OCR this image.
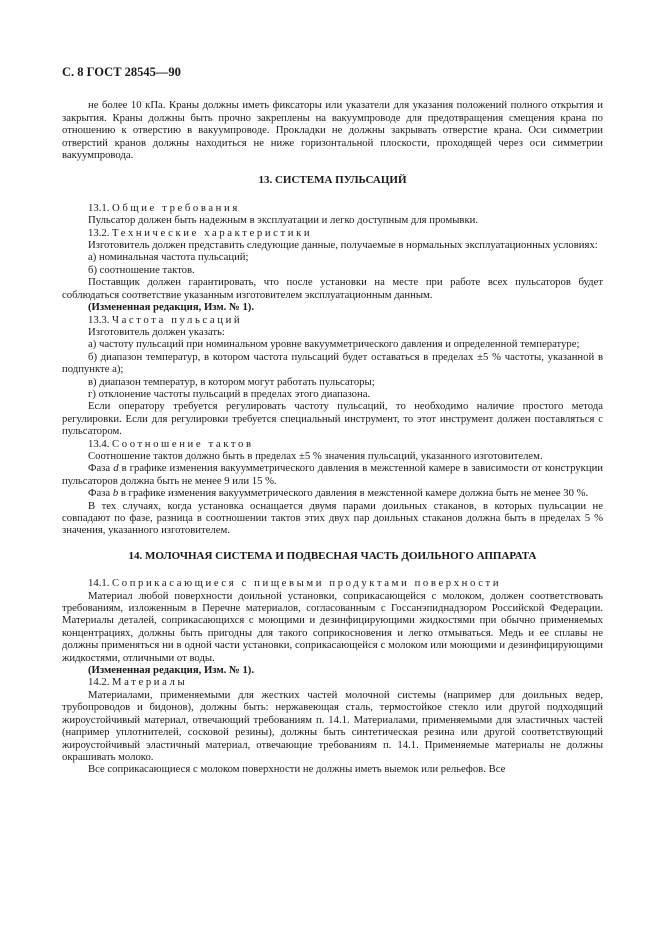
С. 8 ГОСТ 28545—90

не более 10 кПа. Краны должны иметь фиксаторы или указатели для указания положений полного открытия и закрытия. Краны должны быть прочно закреплены на вакуумпроводе для предотвращения смещения крана по отношению к отверстию в вакуумпроводе. Прокладки не должны закрывать отверстие крана. Оси симметрии отверстий кранов должны находиться не ниже горизонтальной плоскости, проходящей через оси симметрии вакуумпровода.

13. СИСТЕМА ПУЛЬСАЦИЙ

13.1. Общие требования

Пульсатор должен быть надежным в эксплуатации и легко доступным для промывки.

13.2. Технические характеристики

Изготовитель должен представить следующие данные, получаемые в нормальных эксплуатационных условиях:

а) номинальная частота пульсаций;

б) соотношение тактов.

Поставщик должен гарантировать, что после установки на месте при работе всех пульсаторов будет соблюдаться соответствие указанным изготовителем эксплуатационным данным.

(Измененная редакция, Изм. № 1).

13.3. Частота пульсаций

Изготовитель должен указать:

а) частоту пульсаций при номинальном уровне вакуумметрического давления и определенной температуре;

б) диапазон температур, в котором частота пульсаций будет оставаться в пределах ±5 % частоты, указанной в подпункте а);

в) диапазон температур, в котором могут работать пульсаторы;

г) отклонение частоты пульсаций в пределах этого диапазона.

Если оператору требуется регулировать частоту пульсаций, то необходимо наличие простого метода регулировки. Если для регулировки требуется специальный инструмент, то этот инструмент должен поставляться с пульсатором.

13.4. Соотношение тактов

Соотношение тактов должно быть в пределах ±5 % значения пульсаций, указанного изготовителем.

Фаза d в графике изменения вакуумметрического давления в межстенной камере в зависимости от конструкции пульсаторов должна быть не менее 9 или 15 %.

Фаза b в графике изменения вакуумметрического давления в межстенной камере должна быть не менее 30 %.

В тех случаях, когда установка оснащается двумя парами доильных стаканов, в которых пульсации не совпадают по фазе, разница в соотношении тактов этих двух пар доильных стаканов должна быть в пределах 5 % значения, указанного изготовителем.

14. МОЛОЧНАЯ СИСТЕМА И ПОДВЕСНАЯ ЧАСТЬ ДОИЛЬНОГО АППАРАТА

14.1. Соприкасающиеся с пищевыми продуктами поверхности

Материал любой поверхности доильной установки, соприкасающейся с молоком, должен соответствовать требованиям, изложенным в Перечне материалов, согласованным с Госсанэпиднадзором Российской Федерации. Материалы деталей, соприкасающихся с моющими и дезинфицирующими жидкостями при обычно применяемых концентрациях, должны быть пригодны для такого соприкосновения и легко отмываться. Медь и ее сплавы не должны применяться ни в одной части установки, соприкасающейся с молоком или моющими и дезинфицирующими жидкостями, отличными от воды.

(Измененная редакция, Изм. № 1).

14.2. Материалы

Материалами, применяемыми для жестких частей молочной системы (например для доильных ведер, трубопроводов и бидонов), должны быть: нержавеющая сталь, термостойкое стекло или другой подходящий жироустойчивый материал, отвечающий требованиям п. 14.1. Материалами, применяемыми для эластичных частей (например уплотнителей, сосковой резины), должны быть синтетическая резина или другой соответствующий жироустойчивый эластичный материал, отвечающие требованиям п. 14.1. Применяемые материалы не должны окрашивать молоко.

Все соприкасающиеся с молоком поверхности не должны иметь выемок или рельефов. Все
